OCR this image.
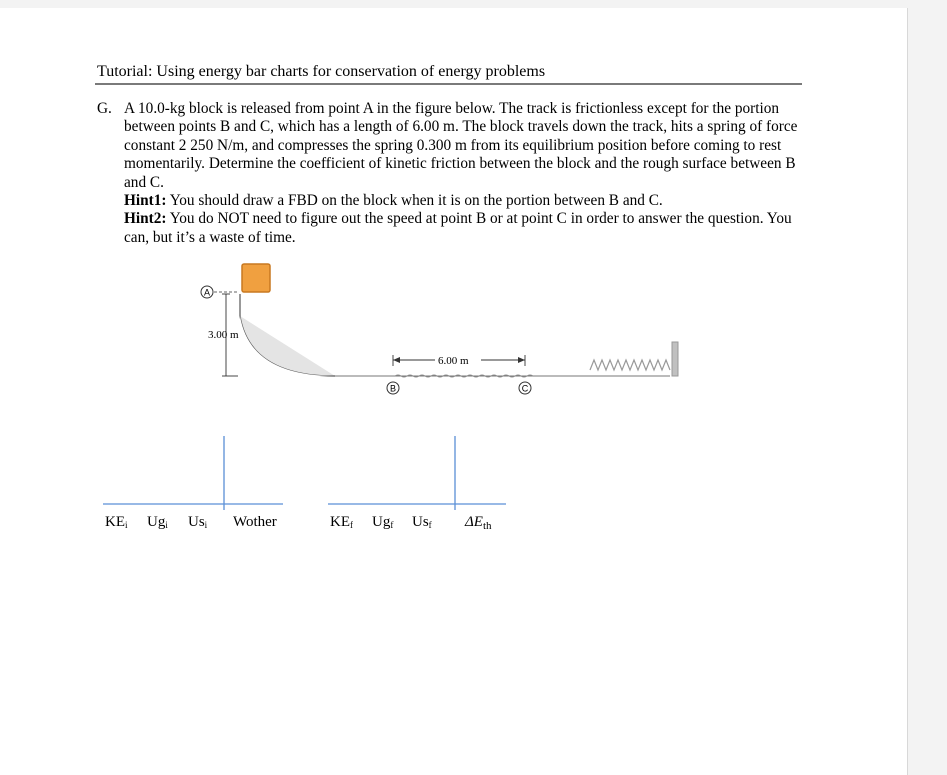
Tutorial: Using energy bar charts for conservation of energy problems
G. A 10.0-kg block is released from point A in the figure below. The track is frictionless except for the portion between points B and C, which has a length of 6.00 m. The block travels down the track, hits a spring of force constant 2 250 N/m, and compresses the spring 0.300 m from its equilibrium position before coming to rest momentarily. Determine the coefficient of kinetic friction between the block and the rough surface between B and C.
Hint1: You should draw a FBD on the block when it is on the portion between B and C.
Hint2: You do NOT need to figure out the speed at point B or at point C in order to answer the question. You can, but it’s a waste of time.
A
3.00 m
6.00 m
B	C
KEi Ugi Usi Wother	KEf Ugf Usf $\Delta E_{th}$
